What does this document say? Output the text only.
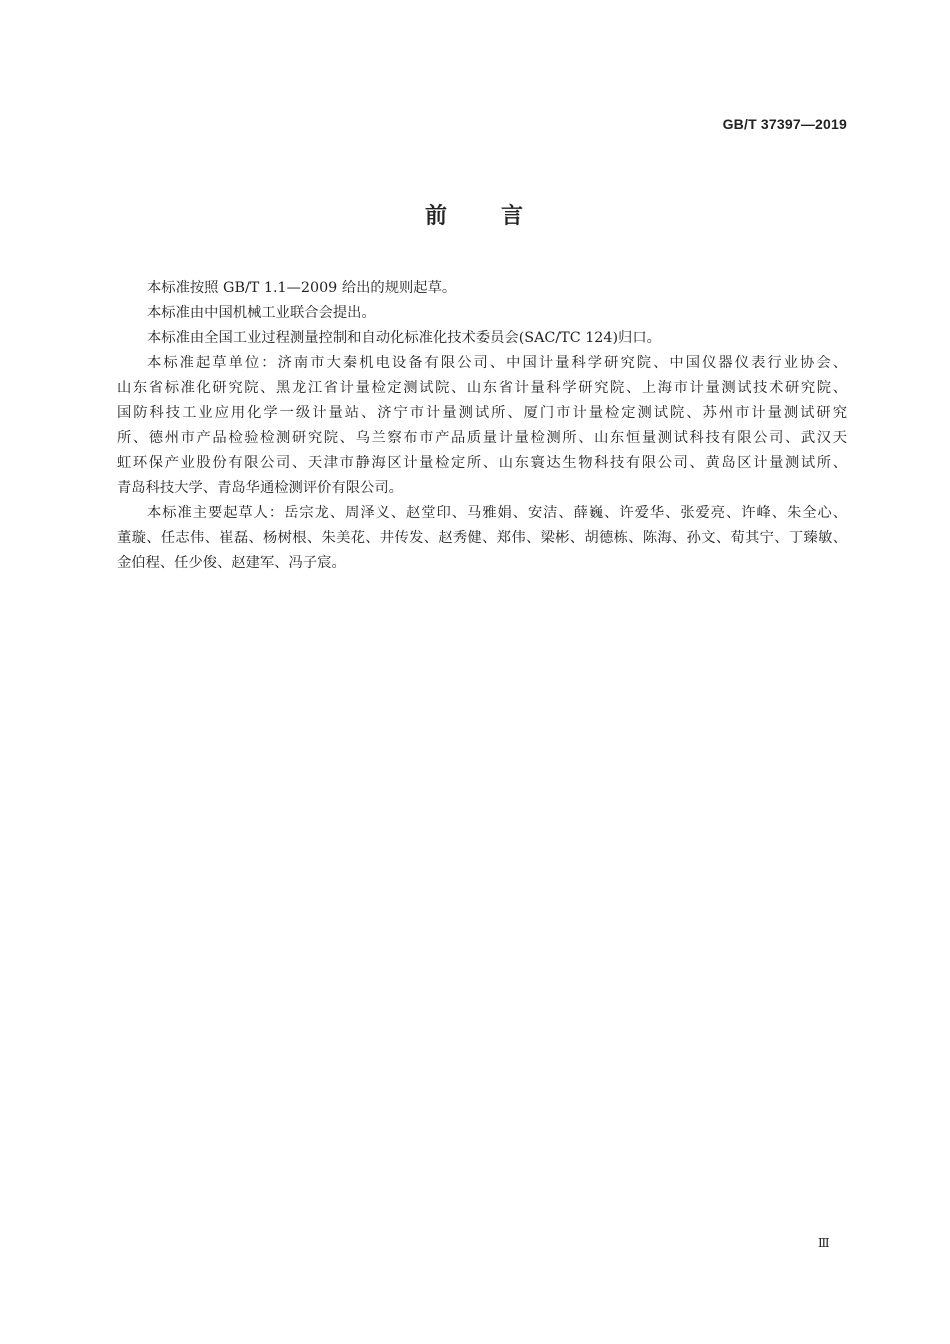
GB/T 37397—2019
前 言
本标准按照 GB/T 1.1—2009 给出的规则起草。
本标准由中国机械工业联合会提出。
本标准由全国工业过程测量控制和自动化标准化技术委员会(SAC/TC 124)归口。
本标准起草单位：济南市大秦机电设备有限公司、中国计量科学研究院、中国仪器仪表行业协会、
山东省标准化研究院、黑龙江省计量检定测试院、山东省计量科学研究院、上海市计量测试技术研究院、
国防科技工业应用化学一级计量站、济宁市计量测试所、厦门市计量检定测试院、苏州市计量测试研究
所、德州市产品检验检测研究院、乌兰察布市产品质量计量检测所、山东恒量测试科技有限公司、武汉天
虹环保产业股份有限公司、天津市静海区计量检定所、山东寰达生物科技有限公司、黄岛区计量测试所、
青岛科技大学、青岛华通检测评价有限公司。
本标准主要起草人：岳宗龙、周泽义、赵堂印、马雅娟、安洁、薛巍、许爱华、张爱亮、许峰、朱全心、
董璇、任志伟、崔磊、杨树根、朱美花、井传发、赵秀健、郑伟、梁彬、胡德栋、陈海、孙文、荀其宁、丁臻敏、
金伯程、任少俊、赵建军、冯子宸。
Ⅲ
